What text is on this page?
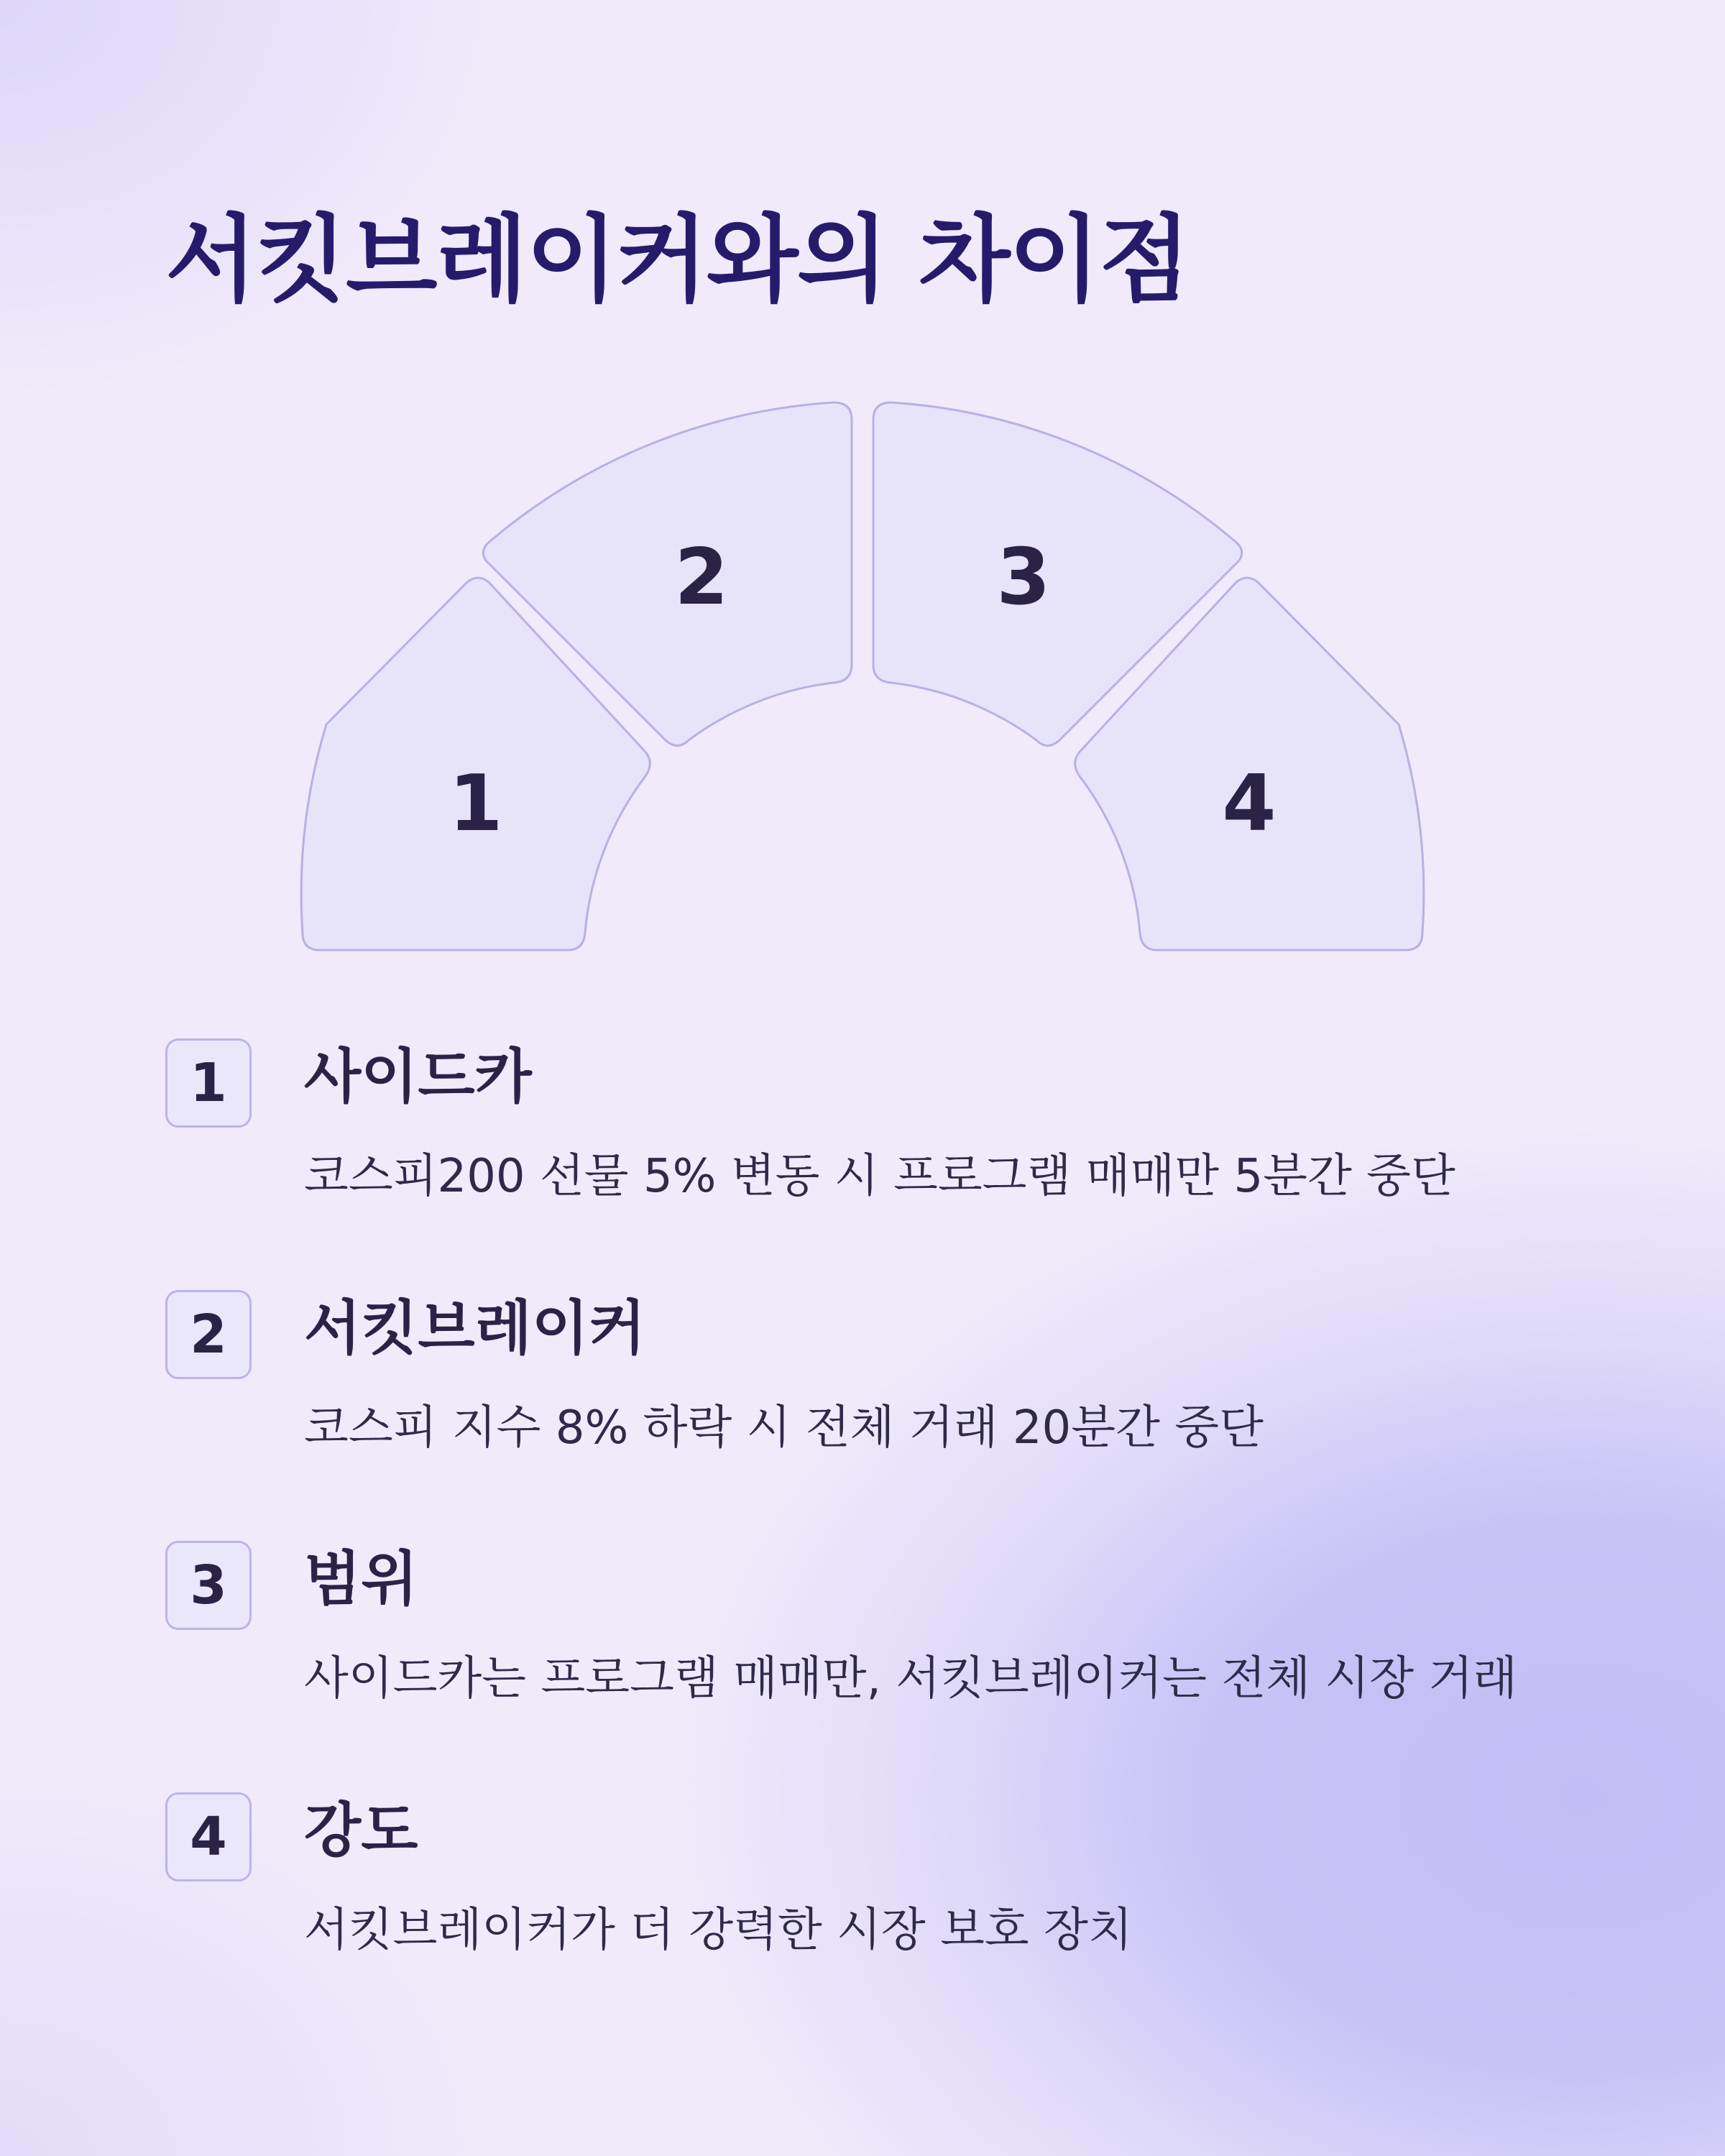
서킷브레이커와의 차이점
1
2	3
4
1	사이드카

코스피200 선물 5% 변동 시 프로그램 매매만 5분간 중단

2	서킷브레이커

코스피 지수 8% 하락 시 전체 거래 20분간 중단

3	범위

사이드카는 프로그램 매매만, 서킷브레이커는 전체 시장 거래

4	강도

서킷브레이커가 더 강력한 시장 보호 장치
